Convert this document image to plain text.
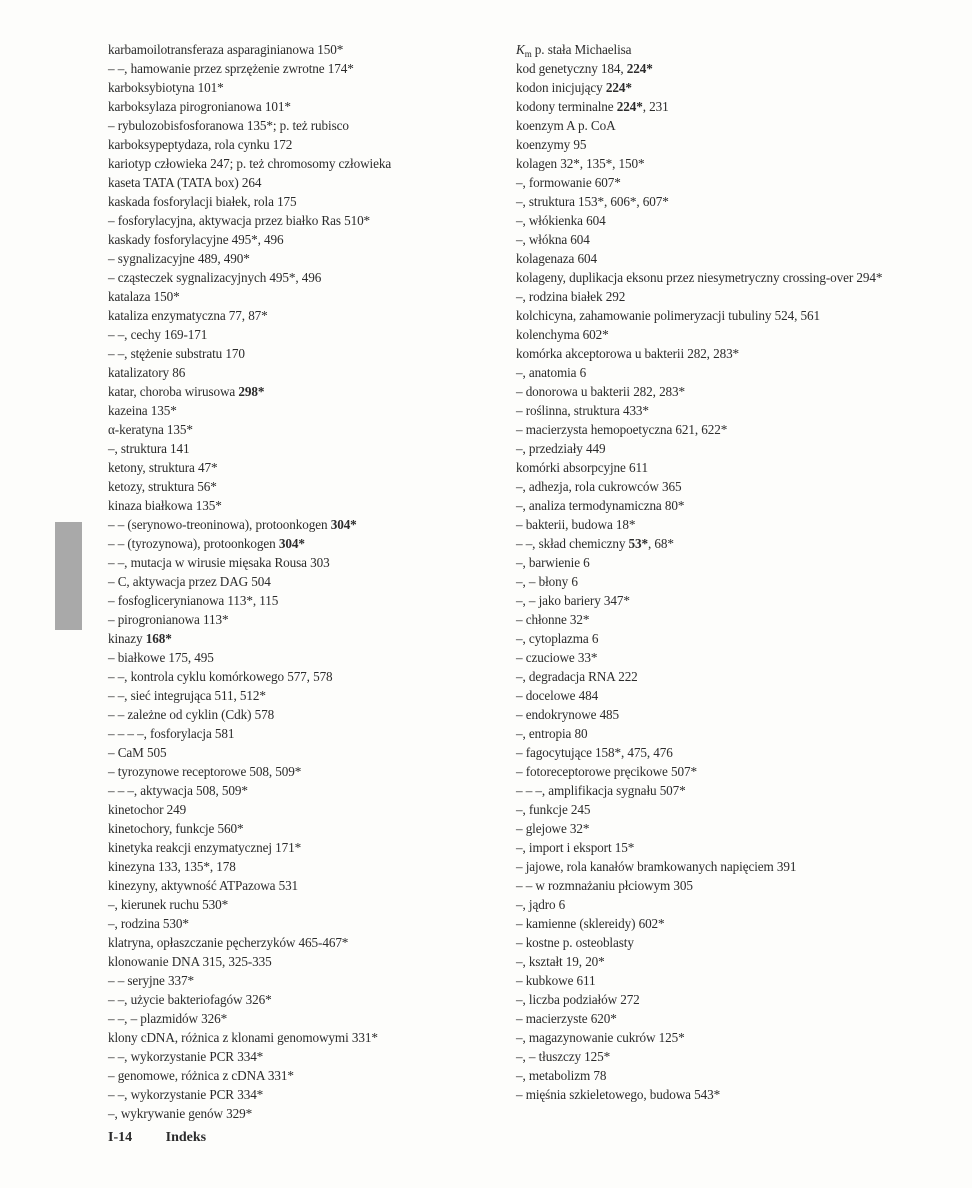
karbamoilotransferaza asparaginianowa 150*
– –, hamowanie przez sprzężenie zwrotne 174*
karboksybiotyna 101*
karboksylaza pirogronianowa 101*
– rybulozobisfosforanowa 135*; p. też rubisco
karboksypeptydaza, rola cynku 172
kariotyp człowieka 247; p. też chromosomy człowieka
kaseta TATA (TATA box) 264
kaskada fosforylacji białek, rola 175
– fosforylacyjna, aktywacja przez białko Ras 510*
kaskady fosforylacyjne 495*, 496
– sygnalizacyjne 489, 490*
– cząsteczek sygnalizacyjnych 495*, 496
katalaza 150*
kataliza enzymatyczna 77, 87*
– –, cechy 169-171
– –, stężenie substratu 170
katalizatory 86
katar, choroba wirusowa 298*
kazeina 135*
α-keratyna 135*
–, struktura 141
ketony, struktura 47*
ketozy, struktura 56*
kinaza białkowa 135*
– – (serynowo-treoninowa), protoonkogen 304*
– – (tyrozynowa), protoonkogen 304*
– –, mutacja w wirusie mięsaka Rousa 303
– C, aktywacja przez DAG 504
– fosfoglicerynianowa 113*, 115
– pirogronianowa 113*
kinazy 168*
– białkowe 175, 495
– –, kontrola cyklu komórkowego 577, 578
– –, sieć integrująca 511, 512*
– – zależne od cyklin (Cdk) 578
– – – –, fosforylacja 581
– CaM 505
– tyrozynowe receptorowe 508, 509*
– – –, aktywacja 508, 509*
kinetochor 249
kinetochory, funkcje 560*
kinetyka reakcji enzymatycznej 171*
kinezyna 133, 135*, 178
kinezyny, aktywność ATPazowa 531
–, kierunek ruchu 530*
–, rodzina 530*
klatryna, opłaszczanie pęcherzyków 465-467*
klonowanie DNA 315, 325-335
– – seryjne 337*
– –, użycie bakteriofagów 326*
– –, – plazmidów 326*
klony cDNA, różnica z klonami genomowymi 331*
– –, wykorzystanie PCR 334*
– genomowe, różnica z cDNA 331*
– –, wykorzystanie PCR 334*
–, wykrywanie genów 329*
$K_m$ p. stała Michaelisa
kod genetyczny 184, 224*
kodon inicjujący 224*
kodony terminalne 224*, 231
koenzym A p. CoA
koenzymy 95
kolagen 32*, 135*, 150*
–, formowanie 607*
–, struktura 153*, 606*, 607*
–, włókienka 604
–, włókna 604
kolagenaza 604
kolageny, duplikacja eksonu przez niesymetryczny crossing-over 294*
–, rodzina białek 292
kolchicyna, zahamowanie polimeryzacji tubuliny 524, 561
kolenchyma 602*
komórka akceptorowa u bakterii 282, 283*
–, anatomia 6
– donorowa u bakterii 282, 283*
– roślinna, struktura 433*
– macierzysta hemopoetyczna 621, 622*
–, przedziały 449
komórki absorpcyjne 611
–, adhezja, rola cukrowców 365
–, analiza termodynamiczna 80*
– bakterii, budowa 18*
– –, skład chemiczny 53*, 68*
–, barwienie 6
–, – błony 6
–, – jako bariery 347*
– chłonne 32*
–, cytoplazma 6
– czuciowe 33*
–, degradacja RNA 222
– docelowe 484
– endokrynowe 485
–, entropia 80
– fagocytujące 158*, 475, 476
– fotoreceptorowe pręcikowe 507*
– – –, amplifikacja sygnału 507*
–, funkcje 245
– glejowe 32*
–, import i eksport 15*
– jajowe, rola kanałów bramkowanych napięciem 391
– – w rozmnażaniu płciowym 305
–, jądro 6
– kamienne (sklereidy) 602*
– kostne p. osteoblasty
–, kształt 19, 20*
– kubkowe 611
–, liczba podziałów 272
– macierzyste 620*
–, magazynowanie cukrów 125*
–, – tłuszczy 125*
–, metabolizm 78
– mięśnia szkieletowego, budowa 543*
I-14 Indeks
